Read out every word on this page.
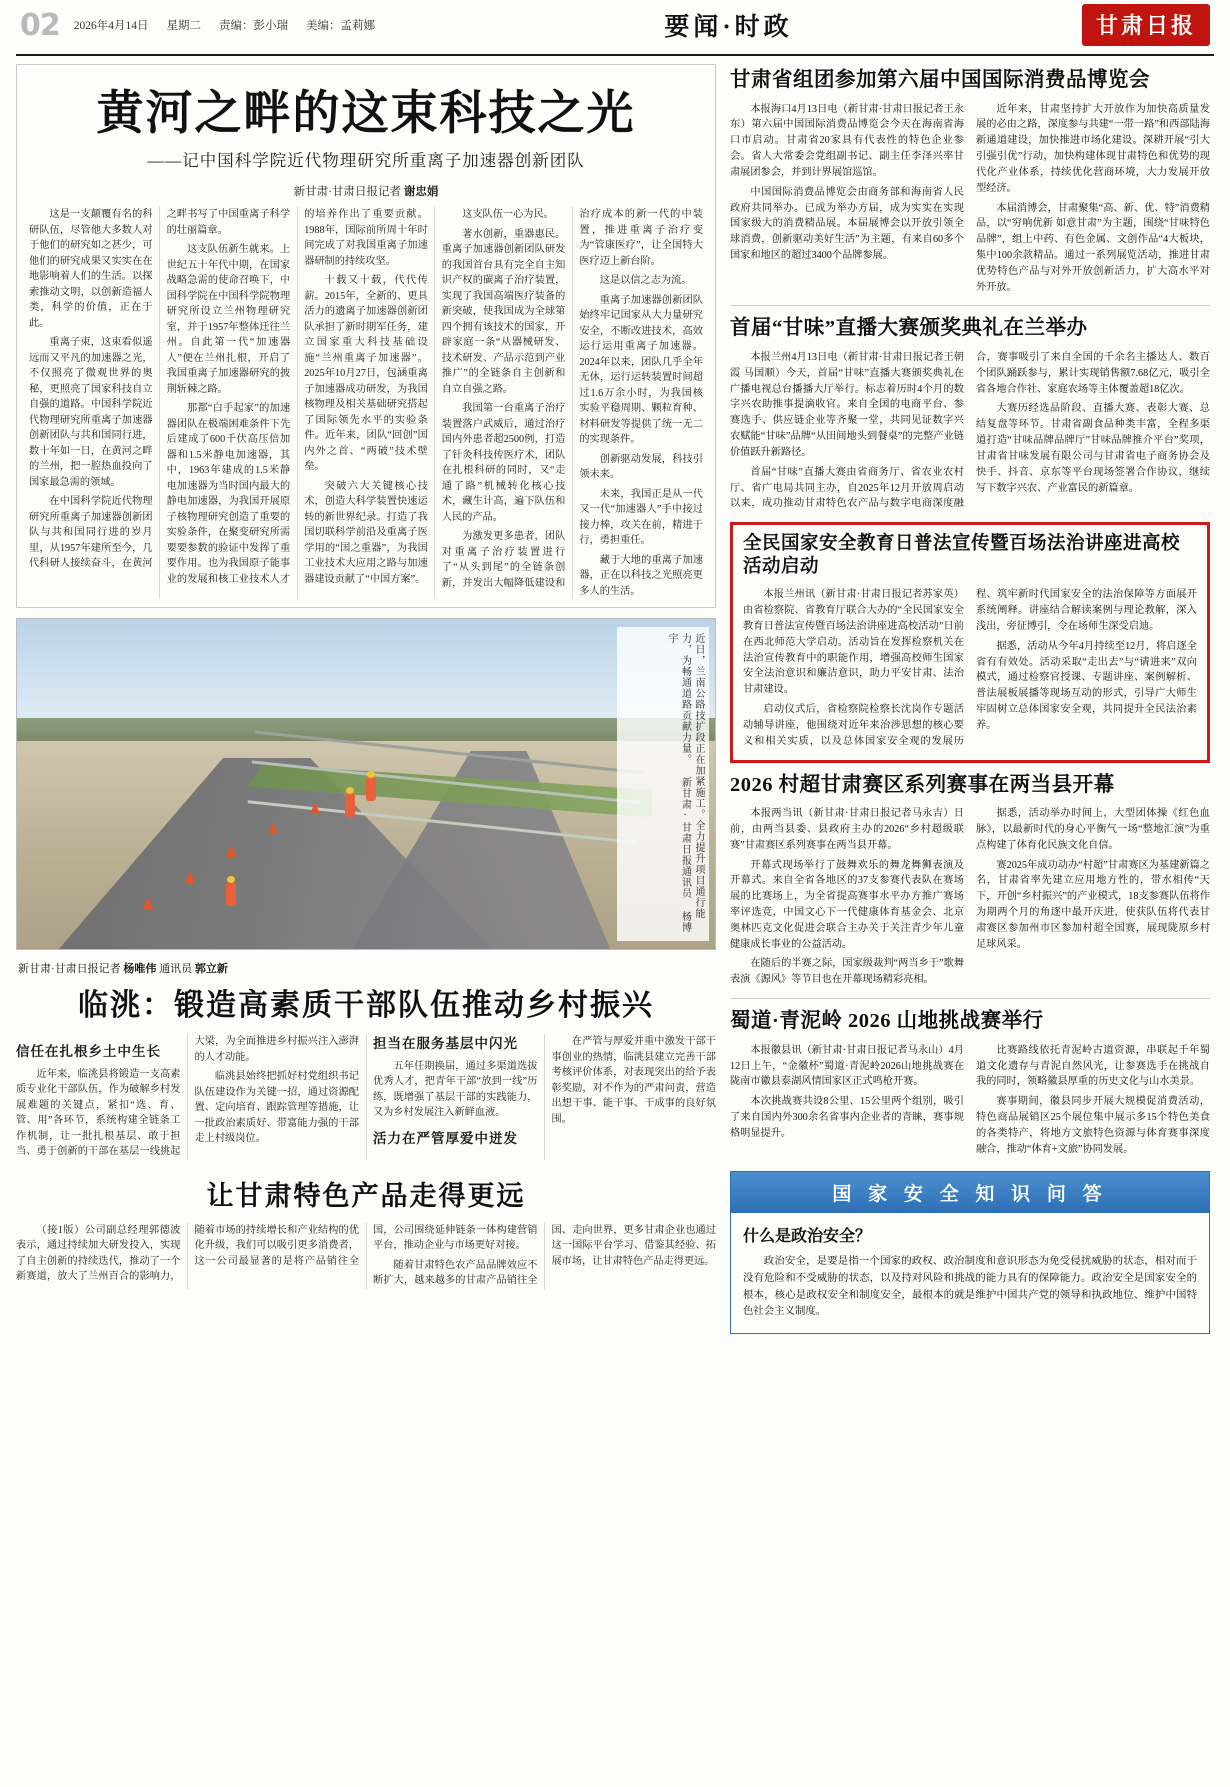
02 2026年4月14日 星期二 责编：彭小瑞 美编：孟莉娜	要闻·时政	甘肃日报
黄河之畔的这束科技之光
——记中国科学院近代物理研究所重离子加速器创新团队
新甘肃·甘肃日报记者 谢忠娟

这是一支颠覆有名的科研队伍，尽管他大多数人对于他们的研究如之甚少，可他们的研究成果又实实在在地影响着人们的生活。以探索推动文明，以创新造福人类，科学的价值，正在于此。

重离子束，这束看似遥远而又平凡的加速器之光，不仅照亮了微观世界的奥秘，更照亮了国家科技自立自强的道路。中国科学院近代物理研究所重离子加速器创新团队与共和国同行进，数十年如一日，在黄河之畔的兰州，把一腔热血投向了国家最急需的领域。

在中国科学院近代物理研究所重离子加速器创新团队与共和国同行进的岁月里，从1957年建所至今，几代科研人接续奋斗，在黄河之畔书写了中国重离子科学的壮丽篇章。

这支队伍新生就来。上世纪五十年代中期，在国家战略急需的使命召唤下，中国科学院在中国科学院物理研究所设立兰州物理研究室，并于1957年整体迁往兰州。自此第一代“加速器人”便在兰州扎根，开启了我国重离子加速器研究的披荆斩棘之路。

那都“白手起家”的加速器团队在极端困难条件下先后建成了600千伏高压倍加器和1.5米静电加速器，其中，1963年建成的1.5米静电加速器为当时国内最大的静电加速器，为我国开展原子核物理研究创造了重要的实验条件，在聚变研究所需要要参数的验证中发挥了重要作用。也为我国原子能事业的发展和核工业技术人才的培养作出了重要贡献。1988年，国际前所周十年时间完成了对我国重离子加速器研制的持续攻坚。

十载又十载，代代传薪。2015年，全新的、更具活力的遗离子加速器创新团队承担了新时期军任务，建立国家重大科技基础设施“兰州重离子加速器”。2025年10月27日，包涵重离子加速器成功研发，为我国核物理及相关基础研究搭起了国际领先水平的实验条件。近年来，团队“回创”国内外之首、“两破”技术壁垒。

突破六大关键核心技术，创造大科学装置快速运转的新世界纪录。打造了我国切联科学前沿及重离子医学用的“国之重器”，为我国工业技术大应用之路与加速器建设贡献了“中国方案”。

这支队伍一心为民。

著水创新，重器惠民。重离子加速器创新团队研发的我国首台具有完全自主知识产权的碳离子治疗装置，实现了我国高端医疗装备的新突破，使我国成为全球第四个拥有该技术的国家，开辟家庭一条“从器械研发、技术研发、产品示范到产业推广”的全链条自主创新和自立自强之路。

我国第一台重离子治疗装置落户武威后，通过治疗国内外患者超2500例，打造了针灸科技传医疗术，团队在扎根科研的同时，又“走通了路”机械转化核心技术，藏生计高，遍下队伍和人民的产品。

为激发更多患者，团队对重离子治疗装置进行了“从头到尾”的全链条创新，并发出大幅降低建设和治疗成本的新一代的中装置，推进重离子治疗变为“管康医疗”，让全国特大医疗迈上新台阶。

这是以信之志为流。

重离子加速器创新团队始终牢记国家从大力量研究安全，不断改进技术，高效运行运用重离子加速器。2024年以来，团队几乎全年无休，运行运转装置时间超过1.6万余小时，为我国核实验平稳周期、颗粒育种、材料研发等提供了统一无二的实现条件。

创新驱动发展，科技引领未来。

未来，我国正是从一代又一代“加速器人”手中接过接力棒，攻关在前，精进于行，勇担重任。

藏于大地的重离子加速器，正在以科技之光照亮更多人的生活。

近日，兰南公路技扩段正在加紧施工。全力提升项目通行能力，为畅通道路贡献力量。 新甘肃·甘肃日报通讯员 杨博宇
新甘肃·甘肃日报记者 杨唯伟 通讯员 郭立新
临洮：锻造高素质干部队伍推动乡村振兴
信任在扎根乡土中生长

近年来，临洮县将锻造一支高素质专业化干部队伍，作为破解乡村发展难题的关键点，紧扣“选、育、管、用”各环节，系统构建全链条工作机制，让一批扎根基层、敢于担当、勇于创新的干部在基层一线挑起大梁，为全面推进乡村振兴注入澎湃的人才动能。

临洮县始终把抓好村党组织书记队伍建设作为关键一招，通过资源配置、定向培育、跟踪管理等措施，让一批政治素质好、带富能力强的干部走上村级岗位。

担当在服务基层中闪光

五年任期换届，通过多渠道选拔优秀人才，把青年干部“放到一线”历练，既增强了基层干部的实践能力，又为乡村发展注入新鲜血液。

活力在严管厚爱中迸发

在严管与厚爱并重中激发干部干事创业的热情，临洮县建立完善干部考核评价体系，对表现突出的给予表彰奖励，对不作为的严肃问责，营造出想干事、能干事、干成事的良好氛围。

让甘肃特色产品走得更远

（接1版）公司副总经理郭德波表示，通过持续加大研发投入，实现了自主创新的持续迭代，推动了一个新赛道，放大了兰州百合的影响力，随着市场的持续增长和产业结构的优化升级，我们可以吸引更多消费者，这一公司最显著的是将产品销往全国，公司围绕延伸链条一体构建营销平台，推动企业与市场更好对接。

随着甘肃特色农产品品牌效应不断扩大，越来越多的甘肃产品销往全国、走向世界，更多甘肃企业也通过这一国际平台学习、借鉴其经验、拓展市场，让甘肃特色产品走得更远。

甘肃省组团参加第六届中国国际消费品博览会

本报海口4月13日电（新甘肃·甘肃日报记者王永东）第六届中国国际消费品博览会今天在海南省海口市启动。甘肃省20家具有代表性的特色企业参会。省人大常委会党组副书记、副主任李泽兴率甘肃展团参会，并到计界展馆巡馆。

中国国际消费品博览会由商务部和海南省人民政府共同举办。已成为举办方届，成为实实在实现国家级大的消费精品展。本届展博会以开放引领全球消费，创新驱动美好生活”为主题，有来自60多个国家和地区的超过3400个品牌参展。

近年来，甘肃坚持扩大开放作为加快高质量发展的必由之路，深度参与共建“一带一路”和西部陆海新通道建设，加快推进市场化建设。深耕开展“引大引强引优”行动，加快构建体现甘肃特色和优势的现代化产业体系，持续优化营商环境，大力发展开放型经济。

本届消博会，甘肃聚集“高、新、优、特”消费精品，以“穷响优新 如意甘肃”为主题，围绕“甘味特色品牌”，组上中药、有色金属、文创作品“4大板块，集中100余款精品。通过一系列展览活动，推进甘肃优势特色产品与对外开放创新活力，扩大高水平对外开放。

首届“甘味”直播大赛颁奖典礼在兰举办

本报兰州4月13日电（新甘肃·甘肃日报记者王朝霞 马国顺）今天，首届“甘味”直播大赛颁奖典礼在广播电视总台播播大厅举行。标志着历时4个月的数字兴农助推事提滴收官。来自全国的电商平台、参赛选手、供应链企业等齐聚一堂，共同见证数字兴农赋能“甘味”品牌“从田间地头到餐桌”的完整产业链价值跃升新路径。

首届“甘味”直播大赛由省商务厅、省农业农村厅、省广电局共同主办，自2025年12月开放周启动以来，成功推动甘肃特色农产品与数字电商深度融合，赛事吸引了来自全国的千余名主播达人、数百个团队踊跃参与，累计实现销售额7.68亿元，吸引全省各地合作社、家庭农场等主体覆盖超18亿次。

大赛历经选品阶段、直播大赛、表彰大赛、总结复盘等环节。甘肃省副食品种类丰富，全程多渠道打造“甘味品牌品牌厅”甘味品牌推介平台”奖项，甘肃省甘味发展有限公司与甘肃省电子商务协会及快手、抖音、京东等平台现场签署合作协议，继续写下数字兴农、产业富民的新篇章。

全民国家安全教育日普法宣传暨百场法治讲座进高校活动启动

本报兰州讯（新甘肃·甘肃日报记者苏家英）由省检察院、省教育厅联合大办的“全民国家安全教育日普法宣传暨百场法治讲座进高校活动”日前在西北师范大学启动。活动旨在发挥检察机关在法治宣传教育中的职能作用，增强高校师生国家安全法治意识和廉洁意识，助力平安甘肃、法治甘肃建设。

启动仪式后，省检察院检察长沈岗作专题活动辅导讲座，他围绕对近年来治涉思想的核心要义和相关实质，以及总体国家安全观的发展历程、筑牢新时代国家安全的法治保障等方面展开系统阐释。讲座结合解读案例与理论教解，深入浅出，旁征博引，令在场师生深受启迪。

据悉，活动从今年4月持续至12月，将启逐全省有有效处。活动采取“走出去”与“请进来”双向模式，通过检察官授课、专题讲座、案例解析、普法展板展播等现场互动的形式，引导广大师生牢固树立总体国家安全观，共同提升全民法治素养。

2026 村超甘肃赛区系列赛事在两当县开幕

本报两当讯（新甘肃·甘肃日报记者马永吉）日前，由两当县委、县政府主办的2026“乡村超级联赛”甘肃赛区系列赛事在两当县开幕。

开幕式现场举行了鼓舞欢乐的舞龙舞狮表演及开幕式。来自全省各地区的37支参赛代表队在赛场展的比赛场上，为全省提高赛事水平办方推广赛场率评选竞，中国文心下一代健康体育基金会、北京奥林匹克文化促进会联合主办关于关注青少年儿童健康成长事业的公益活动。

在随后的半赛之际，国家级裁判“两当乡于”歌舞表演《源风》等节目也在开幕现场精彩亮相。

据悉，活动举办时间上，大型团体操《红色血脉》，以最新时代的身心平衡气一场“整地汇演”为重点构建了体育化民族文化自信。

赛2025年成功动办“村超”甘肃赛区为基建新篇之名，甘肃省率先建立应用地方性的，带水相传“天下，开创“乡村振兴”的产业模式，18支参赛队伍将作为期两个月的角逐中最开庆进，使获队伍将代表甘肃赛区参加州市区参加村超全国赛，展现陇原乡村足球风采。

蜀道·青泥岭 2026 山地挑战赛举行

本报徽县讯（新甘肃·甘肃日报记者马永山）4月12日上午，“金徽杯”蜀道·青泥岭2026山地挑战赛在陇南市徽县泰湖风情国家区正式鸣枪开赛。

本次挑战赛共设8公里、15公里两个组别，吸引了来自国内外300余名省事内企业者的青睐，赛事规格明显提升。

比赛路线依托青泥岭古道资源，串联起千年蜀道文化遗存与青泥自然风光，让参赛选手在挑战自我的同时，领略徽县厚重的历史文化与山水美景。

赛事期间，徽县同步开展大规模促消费活动，特色商品展销区25个展位集中展示多15个特色美食的各类特产，将地方文旅特色资源与体育赛事深度融合，推动“体育+文旅”协同发展。

国 家 安 全 知 识 问 答
什么是政治安全？
政治安全，是要是指一个国家的政权、政治制度和意识形态为免受侵扰威胁的状态，相对而于没有危险和不受威胁的状态，以及持对风险和挑战的能力具有的保障能力。政治安全是国家安全的根本，核心是政权安全和制度安全，最根本的就是维护中国共产党的领导和执政地位、维护中国特色社会主义制度。
